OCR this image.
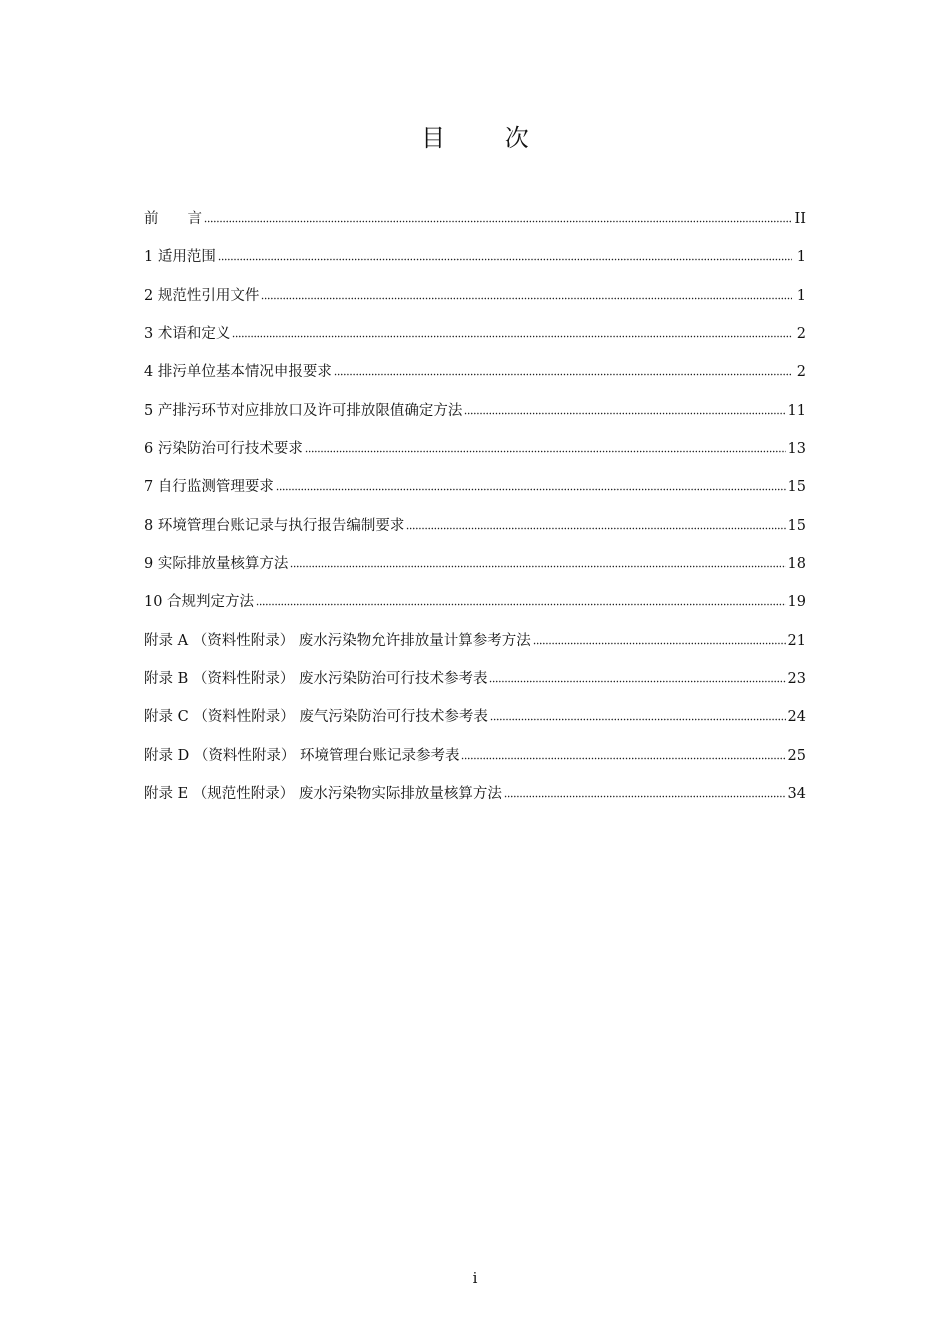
目 次
前　　言	II
1 适用范围	1
2 规范性引用文件	1
3 术语和定义	2
4 排污单位基本情况申报要求	2
5 产排污环节对应排放口及许可排放限值确定方法	11
6 污染防治可行技术要求	13
7 自行监测管理要求	15
8 环境管理台账记录与执行报告编制要求	15
9 实际排放量核算方法	18
10 合规判定方法	19
附录 A （资料性附录） 废水污染物允许排放量计算参考方法	21
附录 B （资料性附录） 废水污染防治可行技术参考表	23
附录 C （资料性附录） 废气污染防治可行技术参考表	24
附录 D （资料性附录） 环境管理台账记录参考表	25
附录 E （规范性附录） 废水污染物实际排放量核算方法	34
i
